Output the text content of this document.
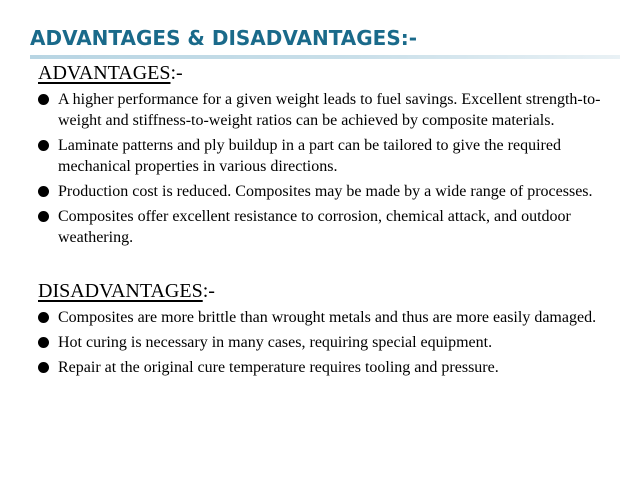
ADVANTAGES & DISADVANTAGES:-
ADVANTAGES:-
A higher performance for a given weight leads to fuel savings. Excellent strength-to-weight and stiffness-to-weight ratios can be achieved by composite materials.
Laminate patterns and ply buildup in a part can be tailored to give the required mechanical properties in various directions.
Production cost is reduced. Composites may be made by a wide range of processes.
Composites offer excellent resistance to corrosion, chemical attack, and outdoor weathering.
DISADVANTAGES:-
Composites are more brittle than wrought metals and thus are more easily damaged.
Hot curing is necessary in many cases, requiring special equipment.
Repair at the original cure temperature requires tooling and pressure.
